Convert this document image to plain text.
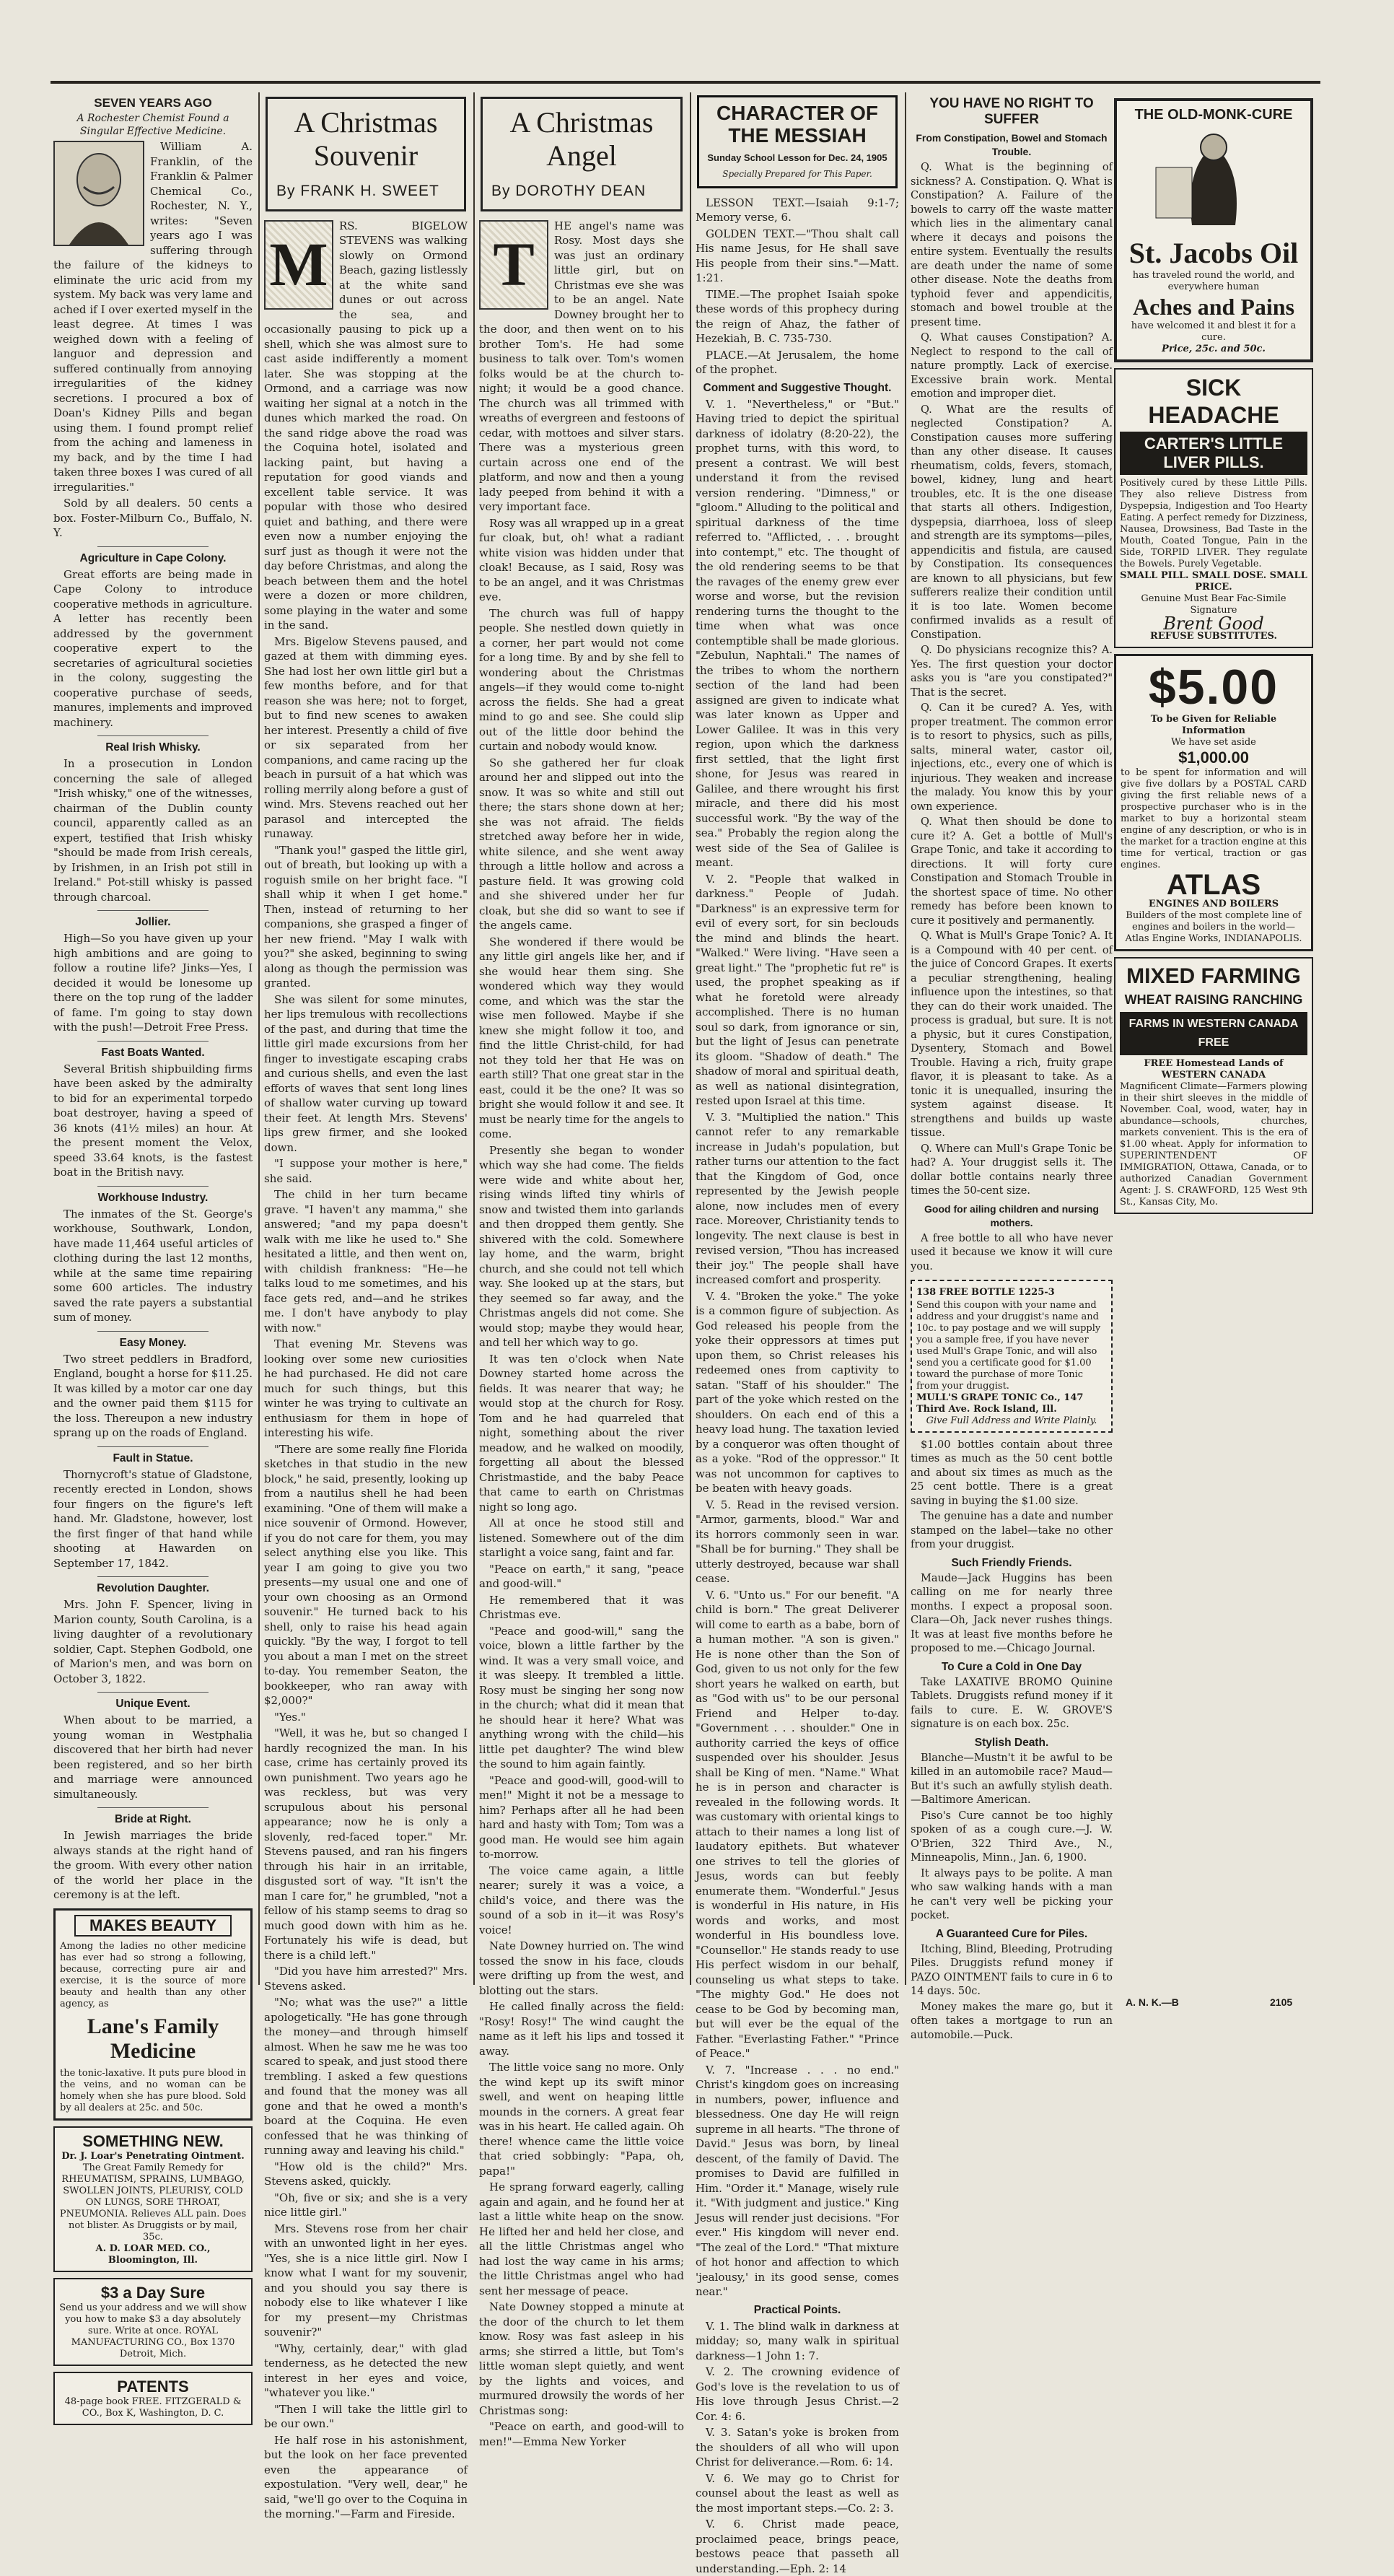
SEVEN YEARS AGO
A Rochester Chemist Found a Singular Effective Medicine.

William A. Franklin, of the Franklin & Palmer Chemical Co., Rochester, N. Y., writes: "Seven years ago I was suffering through the failure of the kidneys to eliminate the uric acid from my system. My back was very lame and ached if I over exerted myself in the least degree. At times I was weighed down with a feeling of languor and depression and suffered continually from annoying irregularities of the kidney secretions. I procured a box of Doan's Kidney Pills and began using them. I found prompt relief from the aching and lameness in my back, and by the time I had taken three boxes I was cured of all irregularities."

Sold by all dealers. 50 cents a box. Foster-Milburn Co., Buffalo, N. Y.

Agriculture in Cape Colony.

Great efforts are being made in Cape Colony to introduce cooperative methods in agriculture. A letter has recently been addressed by the government cooperative expert to the secretaries of agricultural societies in the colony, suggesting the cooperative purchase of seeds, manures, implements and improved machinery.

Real Irish Whisky.

In a prosecution in London concerning the sale of alleged "Irish whisky," one of the witnesses, chairman of the Dublin county council, apparently called as an expert, testified that Irish whisky "should be made from Irish cereals, by Irishmen, in an Irish pot still in Ireland." Pot-still whisky is passed through charcoal.

Jollier.

High—So you have given up your high ambitions and are going to follow a routine life? Jinks—Yes, I decided it would be lonesome up there on the top rung of the ladder of fame. I'm going to stay down with the push!—Detroit Free Press.

Fast Boats Wanted.

Several British shipbuilding firms have been asked by the admiralty to bid for an experimental torpedo boat destroyer, having a speed of 36 knots (41½ miles) an hour. At the present moment the Velox, speed 33.64 knots, is the fastest boat in the British navy.

Workhouse Industry.

The inmates of the St. George's workhouse, Southwark, London, have made 11,464 useful articles of clothing during the last 12 months, while at the same time repairing some 600 articles. The industry saved the rate payers a substantial sum of money.

Easy Money.

Two street peddlers in Bradford, England, bought a horse for $11.25. It was killed by a motor car one day and the owner paid them $115 for the loss. Thereupon a new industry sprang up on the roads of England.

Fault in Statue.

Thornycroft's statue of Gladstone, recently erected in London, shows four fingers on the figure's left hand. Mr. Gladstone, however, lost the first finger of that hand while shooting at Hawarden on September 17, 1842.

Revolution Daughter.

Mrs. John F. Spencer, living in Marion county, South Carolina, is a living daughter of a revolutionary soldier, Capt. Stephen Godbold, one of Marion's men, and was born on October 3, 1822.

Unique Event.

When about to be married, a young woman in Westphalia discovered that her birth had never been registered, and so her birth and marriage were announced simultaneously.

Bride at Right.

In Jewish marriages the bride always stands at the right hand of the groom. With every other nation of the world her place in the ceremony is at the left.

MAKES BEAUTY
Among the ladies no other medicine has ever had so strong a following, because, correcting pure air and exercise, it is the source of more beauty and health than any other agency, as
Lane's Family Medicine
the tonic-laxative. It puts pure blood in the veins, and no woman can be homely when she has pure blood. Sold by all dealers at 25c. and 50c.
SOMETHING NEW.
Dr. J. Loar's Penetrating Ointment.
The Great Family Remedy for RHEUMATISM, SPRAINS, LUMBAGO, SWOLLEN JOINTS, PLEURISY, COLD ON LUNGS, SORE THROAT, PNEUMONIA. Relieves ALL pain. Does not blister. As Druggists or by mail, 35c.
A. D. LOAR MED. CO., Bloomington, Ill.
$3 a Day Sure
Send us your address and we will show you how to make $3 a day absolutely sure. Write at once. ROYAL MANUFACTURING CO., Box 1370 Detroit, Mich.
PATENTS
48-page book FREE. FITZGERALD & CO., Box K, Washington, D. C.
A Christmas Souvenir
By FRANK H. SWEET
M

RS. BIGELOW STEVENS was walking slowly on Ormond Beach, gazing listlessly at the white sand dunes or out across the sea, and occasionally pausing to pick up a shell, which she was almost sure to cast aside indifferently a moment later. She was stopping at the Ormond, and a carriage was now waiting her signal at a notch in the dunes which marked the road. On the sand ridge above the road was the Coquina hotel, isolated and lacking paint, but having a reputation for good viands and excellent table service. It was popular with those who desired quiet and bathing, and there were even now a number enjoying the surf just as though it were not the day before Christmas, and along the beach between them and the hotel were a dozen or more children, some playing in the water and some in the sand.

Mrs. Bigelow Stevens paused, and gazed at them with dimming eyes. She had lost her own little girl but a few months before, and for that reason she was here; not to forget, but to find new scenes to awaken her interest. Presently a child of five or six separated from her companions, and came racing up the beach in pursuit of a hat which was rolling merrily along before a gust of wind. Mrs. Stevens reached out her parasol and intercepted the runaway.

"Thank you!" gasped the little girl, out of breath, but looking up with a roguish smile on her bright face. "I shall whip it when I get home." Then, instead of returning to her companions, she grasped a finger of her new friend. "May I walk with you?" she asked, beginning to swing along as though the permission was granted.

She was silent for some minutes, her lips tremulous with recollections of the past, and during that time the little girl made excursions from her finger to investigate escaping crabs and curious shells, and even the last efforts of waves that sent long lines of shallow water curving up toward their feet. At length Mrs. Stevens' lips grew firmer, and she looked down.

"I suppose your mother is here," she said.

The child in her turn became grave. "I haven't any mamma," she answered; "and my papa doesn't walk with me like he used to." She hesitated a little, and then went on, with childish frankness: "He—he talks loud to me sometimes, and his face gets red, and—and he strikes me. I don't have anybody to play with now."

That evening Mr. Stevens was looking over some new curiosities he had purchased. He did not care much for such things, but this winter he was trying to cultivate an enthusiasm for them in hope of interesting his wife.

"There are some really fine Florida sketches in that studio in the new block," he said, presently, looking up from a nautilus shell he had been examining. "One of them will make a nice souvenir of Ormond. However, if you do not care for them, you may select anything else you like. This year I am going to give you two presents—my usual one and one of your own choosing as an Ormond souvenir." He turned back to his shell, only to raise his head again quickly. "By the way, I forgot to tell you about a man I met on the street to-day. You remember Seaton, the bookkeeper, who ran away with $2,000?"

"Yes."

"Well, it was he, but so changed I hardly recognized the man. In his case, crime has certainly proved its own punishment. Two years ago he was reckless, but was very scrupulous about his personal appearance; now he is only a slovenly, red-faced toper." Mr. Stevens paused, and ran his fingers through his hair in an irritable, disgusted sort of way. "It isn't the man I care for," he grumbled, "not a fellow of his stamp seems to drag so much good down with him as he. Fortunately his wife is dead, but there is a child left."

"Did you have him arrested?" Mrs. Stevens asked.

"No; what was the use?" a little apologetically. "He has gone through the money—and through himself almost. When he saw me he was too scared to speak, and just stood there trembling. I asked a few questions and found that the money was all gone and that he owed a month's board at the Coquina. He even confessed that he was thinking of running away and leaving his child."

"How old is the child?" Mrs. Stevens asked, quickly.

"Oh, five or six; and she is a very nice little girl."

Mrs. Stevens rose from her chair with an unwonted light in her eyes. "Yes, she is a nice little girl. Now I know what I want for my souvenir, and you should you say there is nobody else to like whatever I like for my present—my Christmas souvenir?"

"Why, certainly, dear," with glad tenderness, as he detected the new interest in her eyes and voice, "whatever you like."

"Then I will take the little girl to be our own."

He half rose in his astonishment, but the look on her face prevented even the appearance of expostulation. "Very well, dear," he said, "we'll go over to the Coquina in the morning."—Farm and Fireside.

A Christmas Angel
By DOROTHY DEAN
T

HE angel's name was Rosy. Most days she was just an ordinary little girl, but on Christmas eve she was to be an angel. Nate Downey brought her to the door, and then went on to his brother Tom's. He had some business to talk over. Tom's women folks would be at the church to-night; it would be a good chance. The church was all trimmed with wreaths of evergreen and festoons of cedar, with mottoes and silver stars. There was a mysterious green curtain across one end of the platform, and now and then a young lady peeped from behind it with a very important face.

Rosy was all wrapped up in a great fur cloak, but, oh! what a radiant white vision was hidden under that cloak! Because, as I said, Rosy was to be an angel, and it was Christmas eve.

The church was full of happy people. She nestled down quietly in a corner, her part would not come for a long time. By and by she fell to wondering about the Christmas angels—if they would come to-night across the fields. She had a great mind to go and see. She could slip out of the little door behind the curtain and nobody would know.

So she gathered her fur cloak around her and slipped out into the snow. It was so white and still out there; the stars shone down at her; she was not afraid. The fields stretched away before her in wide, white silence, and she went away through a little hollow and across a pasture field. It was growing cold and she shivered under her fur cloak, but she did so want to see if the angels came.

She wondered if there would be any little girl angels like her, and if she would hear them sing. She wondered which way they would come, and which was the star the wise men followed. Maybe if she knew she might follow it too, and find the little Christ-child, for had not they told her that He was on earth still? That one great star in the east, could it be the one? It was so bright she would follow it and see. It must be nearly time for the angels to come.

Presently she began to wonder which way she had come. The fields were wide and white about her, rising winds lifted tiny whirls of snow and twisted them into garlands and then dropped them gently. She shivered with the cold. Somewhere lay home, and the warm, bright church, and she could not tell which way. She looked up at the stars, but they seemed so far away, and the Christmas angels did not come. She would stop; maybe they would hear, and tell her which way to go.

It was ten o'clock when Nate Downey started home across the fields. It was nearer that way; he would stop at the church for Rosy. Tom and he had quarreled that night, something about the river meadow, and he walked on moodily, forgetting all about the blessed Christmastide, and the baby Peace that came to earth on Christmas night so long ago.

All at once he stood still and listened. Somewhere out of the dim starlight a voice sang, faint and far.

"Peace on earth," it sang, "peace and good-will."

He remembered that it was Christmas eve.

"Peace and good-will," sang the voice, blown a little farther by the wind. It was a very small voice, and it was sleepy. It trembled a little. Rosy must be singing her song now in the church; what did it mean that he should hear it here? What was anything wrong with the child—his little pet daughter? The wind blew the sound to him again faintly.

"Peace and good-will, good-will to men!" Might it not be a message to him? Perhaps after all he had been hard and hasty with Tom; Tom was a good man. He would see him again to-morrow.

The voice came again, a little nearer; surely it was a voice, a child's voice, and there was the sound of a sob in it—it was Rosy's voice!

Nate Downey hurried on. The wind tossed the snow in his face, clouds were drifting up from the west, and blotting out the stars.

He called finally across the field: "Rosy! Rosy!" The wind caught the name as it left his lips and tossed it away.

The little voice sang no more. Only the wind kept up its swift minor swell, and went on heaping little mounds in the corners. A great fear was in his heart. He called again. Oh there! whence came the little voice that cried sobbingly: "Papa, oh, papa!"

He sprang forward eagerly, calling again and again, and he found her at last a little white heap on the snow. He lifted her and held her close, and all the little Christmas angel who had lost the way came in his arms; the little Christmas angel who had sent her message of peace.

Nate Downey stopped a minute at the door of the church to let them know. Rosy was fast asleep in his arms; she stirred a little, but Tom's little woman slept quietly, and went by the lights and voices, and murmured drowsily the words of her Christmas song:

"Peace on earth, and good-will to men!"—Emma New Yorker

CHARACTER OF THE MESSIAH
Sunday School Lesson for Dec. 24, 1905
Specially Prepared for This Paper.

LESSON TEXT.—Isaiah 9:1-7; Memory verse, 6.

GOLDEN TEXT.—"Thou shalt call His name Jesus, for He shall save His people from their sins."—Matt. 1:21.

TIME.—The prophet Isaiah spoke these words of this prophecy during the reign of Ahaz, the father of Hezekiah, B. C. 735-730.

PLACE.—At Jerusalem, the home of the prophet.

Comment and Suggestive Thought.

V. 1. "Nevertheless," or "But." Having tried to depict the spiritual darkness of idolatry (8:20-22), the prophet turns, with this word, to present a contrast. We will best understand it from the revised version rendering. "Dimness," or "gloom." Alluding to the political and spiritual darkness of the time referred to. "Afflicted, . . . brought into contempt," etc. The thought of the old rendering seems to be that the ravages of the enemy grew ever worse and worse, but the revision rendering turns the thought to the time when what was once contemptible shall be made glorious. "Zebulun, Naphtali." The names of the tribes to whom the northern section of the land had been assigned are given to indicate what was later known as Upper and Lower Galilee. It was in this very region, upon which the darkness first settled, that the light first shone, for Jesus was reared in Galilee, and there wrought his first miracle, and there did his most successful work. "By the way of the sea." Probably the region along the west side of the Sea of Galilee is meant.

V. 2. "People that walked in darkness." People of Judah. "Darkness" is an expressive term for evil of every sort, for sin beclouds the mind and blinds the heart. "Walked." Were living. "Have seen a great light." The "prophetic fut re" is used, the prophet speaking as if what he foretold were already accomplished. There is no human soul so dark, from ignorance or sin, but the light of Jesus can penetrate its gloom. "Shadow of death." The shadow of moral and spiritual death, as well as national disintegration, rested upon Israel at this time.

V. 3. "Multiplied the nation." This cannot refer to any remarkable increase in Judah's population, but rather turns our attention to the fact that the Kingdom of God, once represented by the Jewish people alone, now includes men of every race. Moreover, Christianity tends to longevity. The next clause is best in revised version, "Thou has increased their joy." The people shall have increased comfort and prosperity.

V. 4. "Broken the yoke." The yoke is a common figure of subjection. As God released his people from the yoke their oppressors at times put upon them, so Christ releases his redeemed ones from captivity to satan. "Staff of his shoulder." The part of the yoke which rested on the shoulders. On each end of this a heavy load hung. The taxation levied by a conqueror was often thought of as a yoke. "Rod of the oppressor." It was not uncommon for captives to be beaten with heavy goads.

V. 5. Read in the revised version. "Armor, garments, blood." War and its horrors commonly seen in war. "Shall be for burning." They shall be utterly destroyed, because war shall cease.

V. 6. "Unto us." For our benefit. "A child is born." The great Deliverer will come to earth as a babe, born of a human mother. "A son is given." He is none other than the Son of God, given to us not only for the few short years he walked on earth, but as "God with us" to be our personal Friend and Helper to-day. "Government . . . shoulder." One in authority carried the keys of office suspended over his shoulder. Jesus shall be King of men. "Name." What he is in person and character is revealed in the following words. It was customary with oriental kings to attach to their names a long list of laudatory epithets. But whatever one strives to tell the glories of Jesus, words can but feebly enumerate them. "Wonderful." Jesus is wonderful in His nature, in His words and works, and most wonderful in His boundless love. "Counsellor." He stands ready to use His perfect wisdom in our behalf, counseling us what steps to take. "The mighty God." He does not cease to be God by becoming man, but will ever be the equal of the Father. "Everlasting Father." "Prince of Peace."

V. 7. "Increase . . . no end." Christ's kingdom goes on increasing in numbers, power, influence and blessedness. One day He will reign supreme in all hearts. "The throne of David." Jesus was born, by lineal descent, of the family of David. The promises to David are fulfilled in Him. "Order it." Manage, wisely rule it. "With judgment and justice." King Jesus will render just decisions. "For ever." His kingdom will never end. "The zeal of the Lord." "That mixture of hot honor and affection to which 'jealousy,' in its good sense, comes near."

Practical Points.

V. 1. The blind walk in darkness at midday; so, many walk in spiritual darkness—1 John 1: 7.

V. 2. The crowning evidence of God's love is the revelation to us of His love through Jesus Christ.—2 Cor. 4: 6.

V. 3. Satan's yoke is broken from the shoulders of all who will upon Christ for deliverance.—Rom. 6: 14.

V. 6. We may go to Christ for counsel about the least as well as the most important steps.—Co. 2: 3.

V. 6. Christ made peace, proclaimed peace, brings peace, bestows peace that passeth all understanding.—Eph. 2: 14

YOU HAVE NO RIGHT TO SUFFER
From Constipation, Bowel and Stomach Trouble.

Q. What is the beginning of sickness? A. Constipation. Q. What is Constipation? A. Failure of the bowels to carry off the waste matter which lies in the alimentary canal where it decays and poisons the entire system. Eventually the results are death under the name of some other disease. Note the deaths from typhoid fever and appendicitis, stomach and bowel trouble at the present time.

Q. What causes Constipation? A. Neglect to respond to the call of nature promptly. Lack of exercise. Excessive brain work. Mental emotion and improper diet.

Q. What are the results of neglected Constipation? A. Constipation causes more suffering than any other disease. It causes rheumatism, colds, fevers, stomach, bowel, kidney, lung and heart troubles, etc. It is the one disease that starts all others. Indigestion, dyspepsia, diarrhoea, loss of sleep and strength are its symptoms—piles, appendicitis and fistula, are caused by Constipation. Its consequences are known to all physicians, but few sufferers realize their condition until it is too late. Women become confirmed invalids as a result of Constipation.

Q. Do physicians recognize this? A. Yes. The first question your doctor asks you is "are you constipated?" That is the secret.

Q. Can it be cured? A. Yes, with proper treatment. The common error is to resort to physics, such as pills, salts, mineral water, castor oil, injections, etc., every one of which is injurious. They weaken and increase the malady. You know this by your own experience.

Q. What then should be done to cure it? A. Get a bottle of Mull's Grape Tonic, and take it according to directions. It will forty cure Constipation and Stomach Trouble in the shortest space of time. No other remedy has before been known to cure it positively and permanently.

Q. What is Mull's Grape Tonic? A. It is a Compound with 40 per cent. of the juice of Concord Grapes. It exerts a peculiar strengthening, healing influence upon the intestines, so that they can do their work unaided. The process is gradual, but sure. It is not a physic, but it cures Constipation, Dysentery, Stomach and Bowel Trouble. Having a rich, fruity grape flavor, it is pleasant to take. As a tonic it is unequalled, insuring the system against disease. It strengthens and builds up waste tissue.

Q. Where can Mull's Grape Tonic be had? A. Your druggist sells it. The dollar bottle contains nearly three times the 50-cent size.

Good for ailing children and nursing mothers.

A free bottle to all who have never used it because we know it will cure you.

138 FREE BOTTLE 1225-3
Send this coupon with your name and address and your druggist's name and 10c. to pay postage and we will supply you a sample free, if you have never used Mull's Grape Tonic, and will also send you a certificate good for $1.00 toward the purchase of more Tonic from your druggist.
MULL'S GRAPE TONIC Co., 147 Third Ave. Rock Island, Ill.
Give Full Address and Write Plainly.

$1.00 bottles contain about three times as much as the 50 cent bottle and about six times as much as the 25 cent bottle. There is a great saving in buying the $1.00 size.

The genuine has a date and number stamped on the label—take no other from your druggist.

Such Friendly Friends.

Maude—Jack Huggins has been calling on me for nearly three months. I expect a proposal soon. Clara—Oh, Jack never rushes things. It was at least five months before he proposed to me.—Chicago Journal.

To Cure a Cold in One Day

Take LAXATIVE BROMO Quinine Tablets. Druggists refund money if it fails to cure. E. W. GROVE'S signature is on each box. 25c.

Stylish Death.

Blanche—Mustn't it be awful to be killed in an automobile race? Maud—But it's such an awfully stylish death.—Baltimore American.

Piso's Cure cannot be too highly spoken of as a cough cure.—J. W. O'Brien, 322 Third Ave., N., Minneapolis, Minn., Jan. 6, 1900.

It always pays to be polite. A man who saw walking hands with a man he can't very well be picking your pocket.

A Guaranteed Cure for Piles.

Itching, Blind, Bleeding, Protruding Piles. Druggists refund money if PAZO OINTMENT fails to cure in 6 to 14 days. 50c.

Money makes the mare go, but it often takes a mortgage to run an automobile.—Puck.

THE OLD-MONK-CURE
St. Jacobs Oil
has traveled round the world, and everywhere human
Aches and Pains
have welcomed it and blest it for a cure.
Price, 25c. and 50c.
SICK HEADACHE
CARTER'S LITTLE LIVER PILLS.
Positively cured by these Little Pills. They also relieve Distress from Dyspepsia, Indigestion and Too Hearty Eating. A perfect remedy for Dizziness, Nausea, Drowsiness, Bad Taste in the Mouth, Coated Tongue, Pain in the Side, TORPID LIVER. They regulate the Bowels. Purely Vegetable.
SMALL PILL. SMALL DOSE. SMALL PRICE.
Genuine Must Bear Fac-Simile Signature
Brent Good
REFUSE SUBSTITUTES.
$5.00
To be Given for Reliable Information
We have set aside
$1,000.00
to be spent for information and will give five dollars by a POSTAL CARD giving the first reliable news of a prospective purchaser who is in the market to buy a horizontal steam engine of any description, or who is in the market for a traction engine at this time for vertical, traction or gas engines.
ATLAS
ENGINES AND BOILERS
Builders of the most complete line of engines and boilers in the world—Atlas Engine Works, INDIANAPOLIS.
MIXED FARMING
WHEAT RAISING RANCHING
FARMS IN WESTERN CANADA FREE
FREE Homestead Lands of WESTERN CANADA
Magnificent Climate—Farmers plowing in their shirt sleeves in the middle of November. Coal, wood, water, hay in abundance—schools, churches, markets convenient. This is the era of $1.00 wheat. Apply for information to SUPERINTENDENT OF IMMIGRATION, Ottawa, Canada, or to authorized Canadian Government Agent: J. S. CRAWFORD, 125 West 9th St., Kansas City, Mo.
A. N. K.—B	2105
